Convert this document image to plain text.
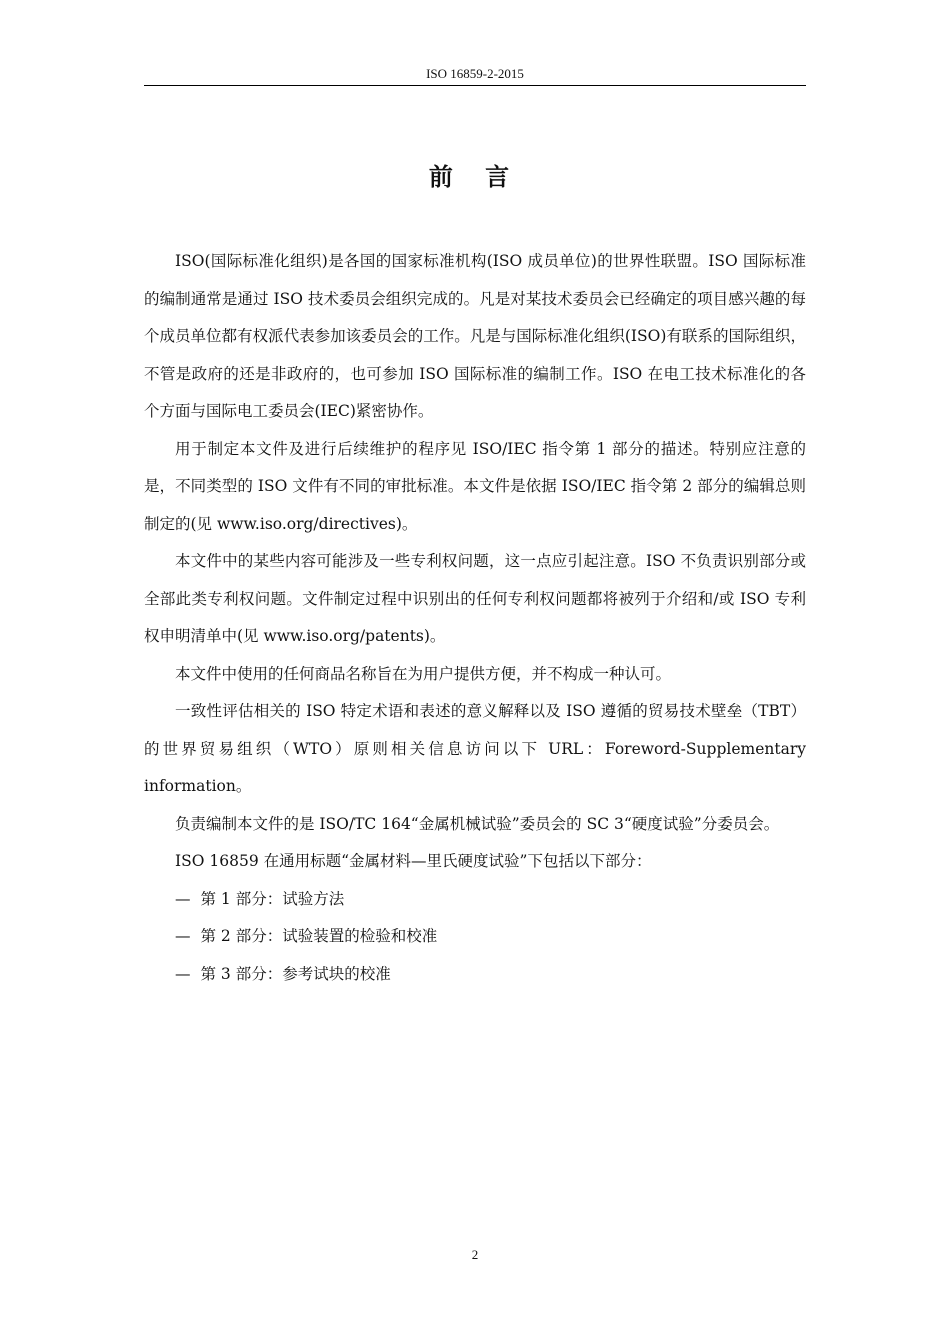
ISO 16859-2-2015
前 言

ISO(国际标准化组织)是各国的国家标准机构(ISO 成员单位)的世界性联盟。ISO 国际标准的编制通常是通过 ISO 技术委员会组织完成的。凡是对某技术委员会已经确定的项目感兴趣的每个成员单位都有权派代表参加该委员会的工作。凡是与国际标准化组织(ISO)有联系的国际组织，不管是政府的还是非政府的，也可参加 ISO 国际标准的编制工作。ISO 在电工技术标准化的各个方面与国际电工委员会(IEC)紧密协作。

用于制定本文件及进行后续维护的程序见 ISO/IEC 指令第 1 部分的描述。特别应注意的是，不同类型的 ISO 文件有不同的审批标准。本文件是依据 ISO/IEC 指令第 2 部分的编辑总则制定的(见 www.iso.org/directives)。

本文件中的某些内容可能涉及一些专利权问题，这一点应引起注意。ISO 不负责识别部分或全部此类专利权问题。文件制定过程中识别出的任何专利权问题都将被列于介绍和/或 ISO 专利权申明清单中(见 www.iso.org/patents)。

本文件中使用的任何商品名称旨在为用户提供方便，并不构成一种认可。

一致性评估相关的 ISO 特定术语和表述的意义解释以及 ISO 遵循的贸易技术壁垒（TBT）的世界贸易组织（WTO）原则相关信息访问以下 URL：Foreword-Supplementary information。

负责编制本文件的是 ISO/TC 164“金属机械试验”委员会的 SC 3“硬度试验”分委员会。

ISO 16859 在通用标题“金属材料—里氏硬度试验”下包括以下部分：

— 第 1 部分：试验方法

— 第 2 部分：试验装置的检验和校准

— 第 3 部分：参考试块的校准

2
